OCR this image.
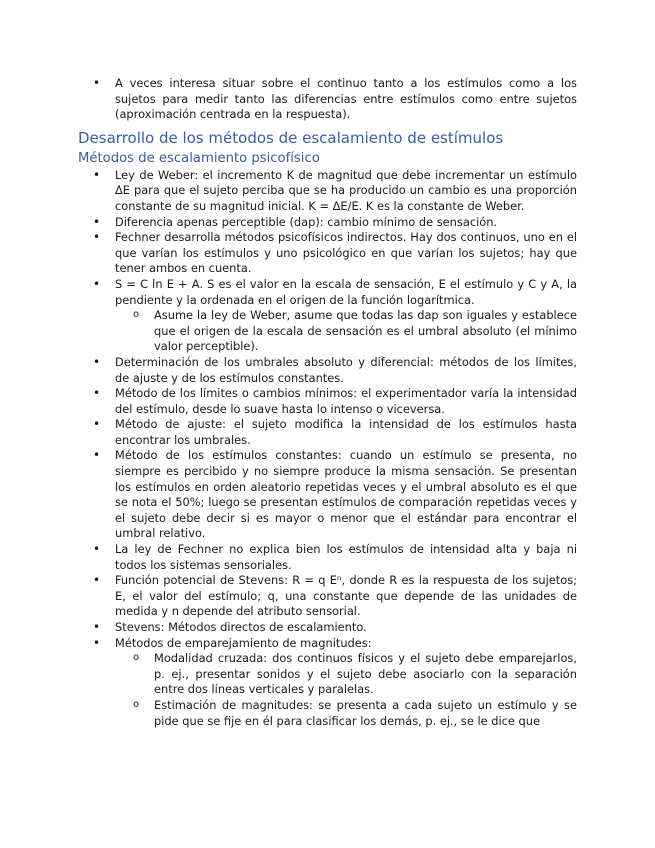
• A veces interesa situar sobre el continuo tanto a los estímulos como a los sujetos para medir tanto las diferencias entre estímulos como entre sujetos (aproximación centrada en la respuesta).
Desarrollo de los métodos de escalamiento de estímulos
Métodos de escalamiento psicofísico
• Ley de Weber: el incremento K de magnitud que debe incrementar un estímulo ΔE para que el sujeto perciba que se ha producido un cambio es una proporción constante de su magnitud inicial. K = ΔE/E. K es la constante de Weber.
• Diferencia apenas perceptible (dap): cambio mínimo de sensación.
• Fechner desarrolla métodos psicofísicos indirectos. Hay dos continuos, uno en el que varían los estímulos y uno psicológico en que varían los sujetos; hay que tener ambos en cuenta.
• S = C ln E + A. S es el valor en la escala de sensación, E el estímulo y C y A, la pendiente y la ordenada en el origen de la función logarítmica.
o Asume la ley de Weber, asume que todas las dap son iguales y establece que el origen de la escala de sensación es el umbral absoluto (el mínimo valor perceptible).
• Determinación de los umbrales absoluto y diferencial: métodos de los límites, de ajuste y de los estímulos constantes.
• Método de los límites o cambios mínimos: el experimentador varía la intensidad del estímulo, desde lo suave hasta lo intenso o viceversa.
• Método de ajuste: el sujeto modifica la intensidad de los estímulos hasta encontrar los umbrales.
• Método de los estímulos constantes: cuando un estímulo se presenta, no siempre es percibido y no siempre produce la misma sensación. Se presentan los estímulos en orden aleatorio repetidas veces y el umbral absoluto es el que se nota el 50%; luego se presentan estímulos de comparación repetidas veces y el sujeto debe decir si es mayor o menor que el estándar para encontrar el umbral relativo.
• La ley de Fechner no explica bien los estímulos de intensidad alta y baja ni todos los sistemas sensoriales.
• Función potencial de Stevens: R = q Eⁿ, donde R es la respuesta de los sujetos; E, el valor del estímulo; q, una constante que depende de las unidades de medida y n depende del atributo sensorial.
• Stevens: Métodos directos de escalamiento.
• Métodos de emparejamiento de magnitudes:
o Modalidad cruzada: dos continuos físicos y el sujeto debe emparejarlos, p. ej., presentar sonidos y el sujeto debe asociarlo con la separación entre dos líneas verticales y paralelas.
o Estimación de magnitudes: se presenta a cada sujeto un estímulo y se pide que se fije en él para clasificar los demás, p. ej., se le dice que
